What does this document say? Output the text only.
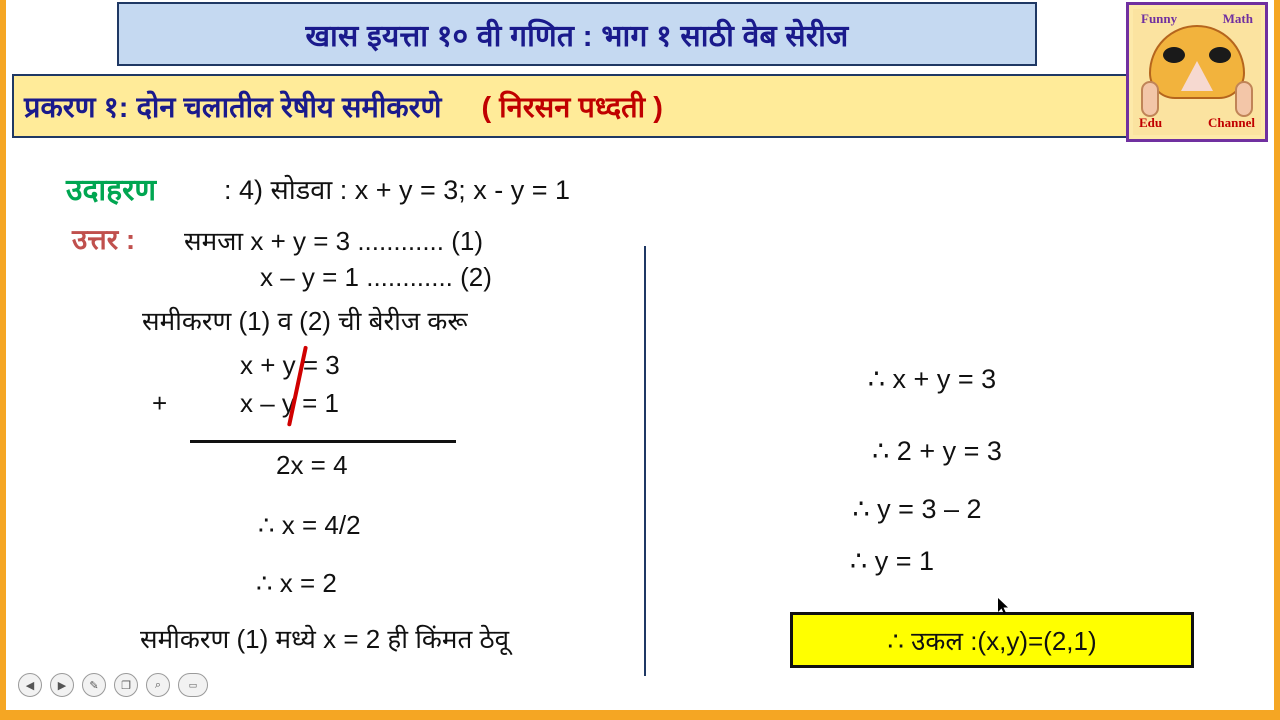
खास इयत्ता १० वी गणित : भाग १ साठी वेब सेरीज
प्रकरण १: दोन चलातील रेषीय समीकरणे	( निरसन पध्दती )
Funny	Math
Edu	Channel
उदाहरण	: 4) सोडवा : x + y = 3; x - y = 1
उत्तर : समजा x + y = 3 ............ (1)
x – y = 1 ............ (2)
समीकरण (1) व (2) ची बेरीज करू
x + y = 3
+	x – y = 1
2x = 4
∴ x = 4/2
∴ x = 2
समीकरण (1) मध्ये x = 2 ही किंमत ठेवू
∴ x + y = 3
∴ 2 + y = 3
∴ y = 3 – 2
∴ y = 1
∴ उकल :(x,y)=(2,1)
◀	▶	✎	❐	⌕	▭
